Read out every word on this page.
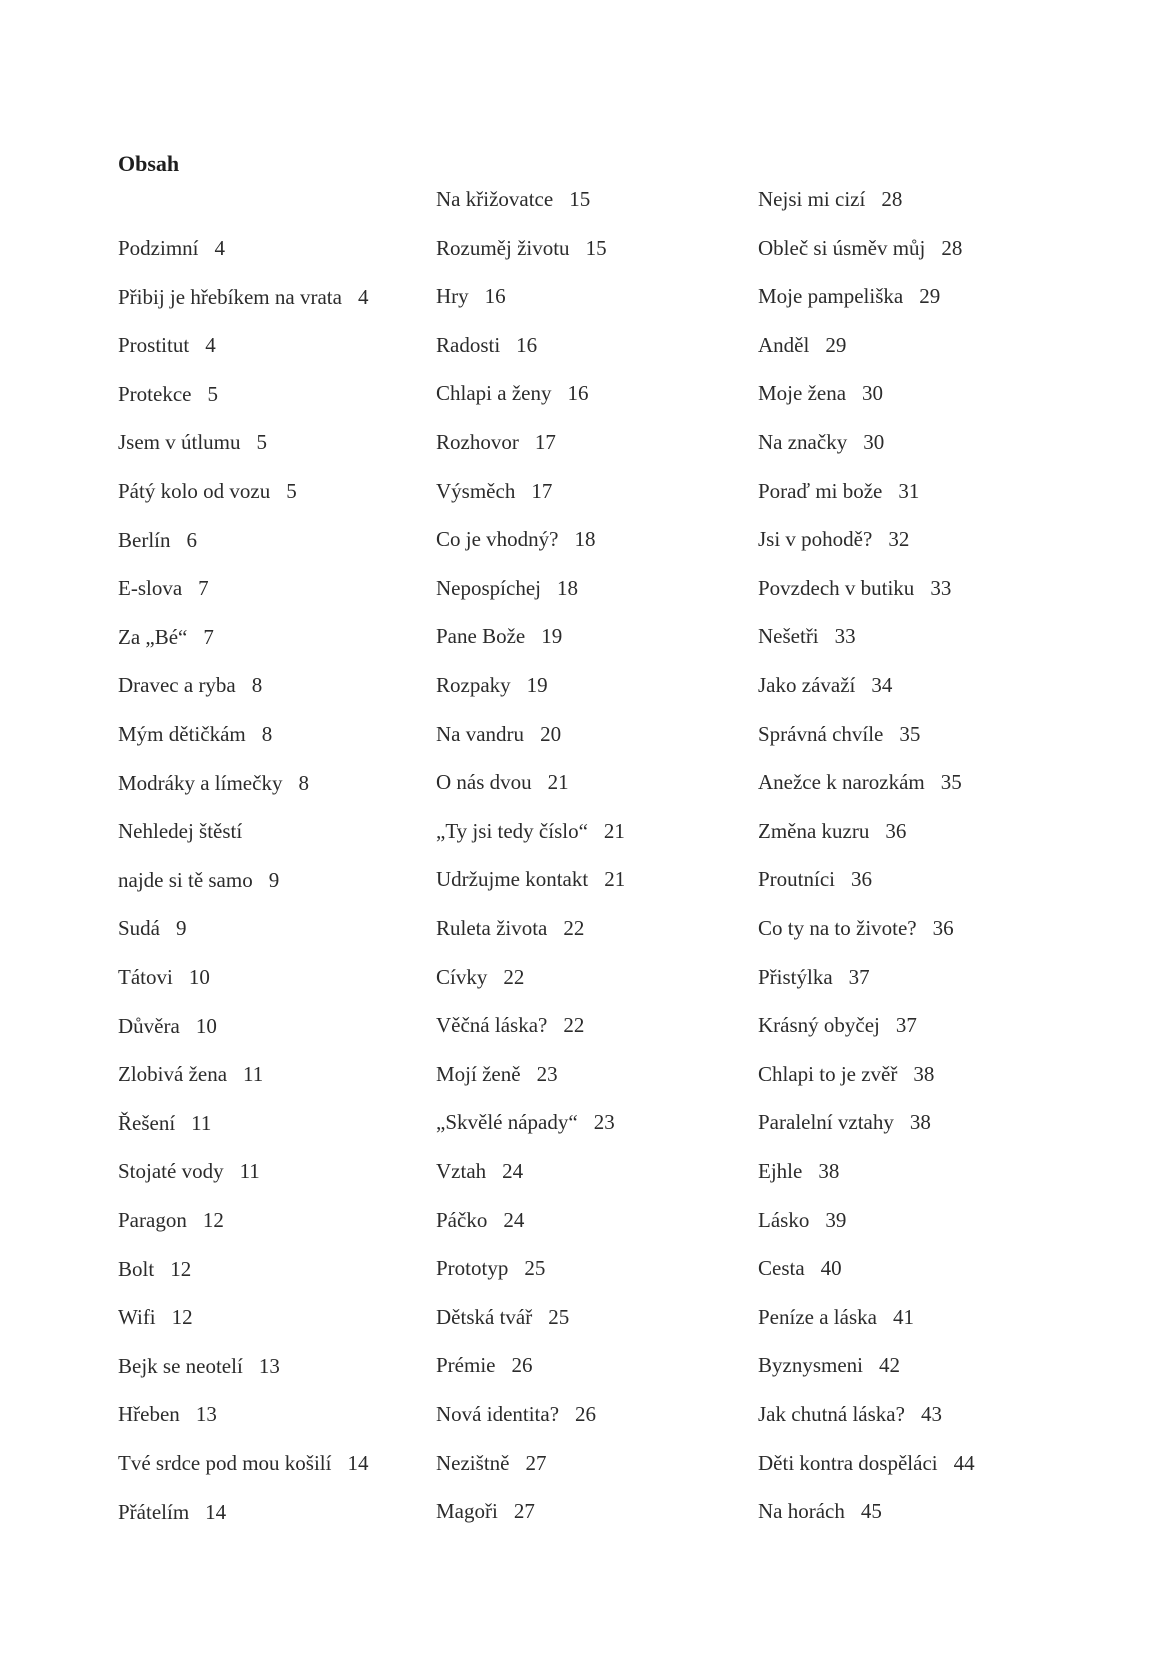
Obsah
Podzimní 4
Přibij je hřebíkem na vrata 4
Prostitut 4
Protekce 5
Jsem v útlumu 5
Pátý kolo od vozu 5
Berlín 6
E-slova 7
Za „Bé“ 7
Dravec a ryba 8
Mým dětičkám 8
Modráky a límečky 8
Nehledej štěstí
najde si tě samo 9
Sudá 9
Tátovi 10
Důvěra 10
Zlobivá žena 11
Řešení 11
Stojaté vody 11
Paragon 12
Bolt 12
Wifi 12
Bejk se neotelí 13
Hřeben 13
Tvé srdce pod mou košilí 14
Přátelím 14
Na křižovatce 15
Rozuměj životu 15
Hry 16
Radosti 16
Chlapi a ženy 16
Rozhovor 17
Výsměch 17
Co je vhodný? 18
Nepospíchej 18
Pane Bože 19
Rozpaky 19
Na vandru 20
O nás dvou 21
„Ty jsi tedy číslo“ 21
Udržujme kontakt 21
Ruleta života 22
Cívky 22
Věčná láska? 22
Mojí ženě 23
„Skvělé nápady“ 23
Vztah 24
Páčko 24
Prototyp 25
Dětská tvář 25
Prémie 26
Nová identita? 26
Nezištně 27
Magoři 27
Nejsi mi cizí 28
Obleč si úsměv můj 28
Moje pampeliška 29
Anděl 29
Moje žena 30
Na značky 30
Poraď mi bože 31
Jsi v pohodě? 32
Povzdech v butiku 33
Nešetři 33
Jako závaží 34
Správná chvíle 35
Anežce k narozkám 35
Změna kuzru 36
Proutníci 36
Co ty na to živote? 36
Přistýlka 37
Krásný obyčej 37
Chlapi to je zvěř 38
Paralelní vztahy 38
Ejhle 38
Lásko 39
Cesta 40
Peníze a láska 41
Byznysmeni 42
Jak chutná láska? 43
Děti kontra dospěláci 44
Na horách 45
